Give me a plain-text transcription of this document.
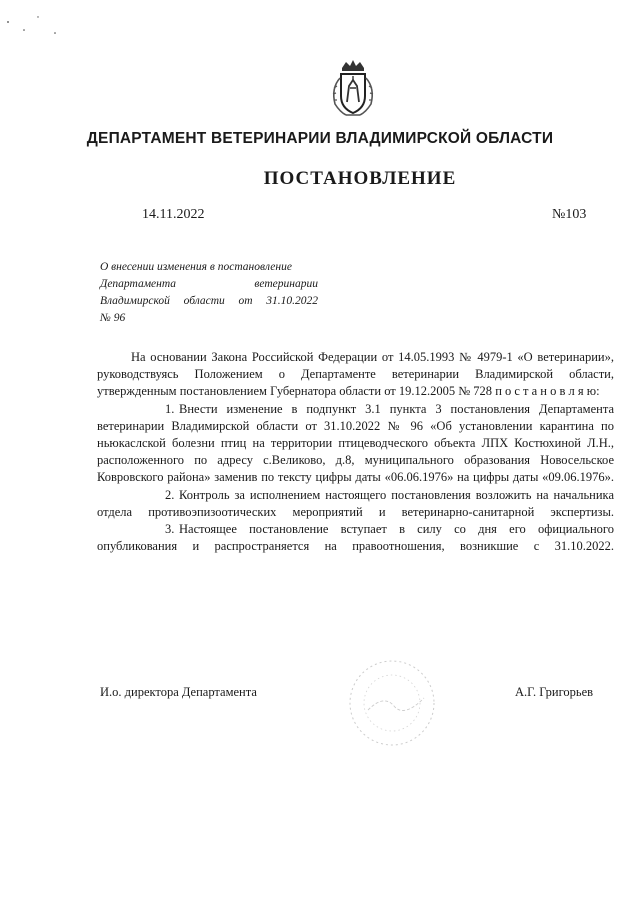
ДЕПАРТАМЕНТ ВЕТЕРИНАРИИ ВЛАДИМИРСКОЙ ОБЛАСТИ
ПОСТАНОВЛЕНИЕ
14.11.2022	№103

О внесении изменения в постановление

Департамента ветеринарии

Владимирской области от 31.10.2022

№ 96

На основании Закона Российской Федерации от 14.05.1993 № 4979-1 «О ветеринарии», руководствуясь Положением о Департаменте ветеринарии Владимирской области, утвержденным постановлением Губернатора области от 19.12.2005 № 728 п о с т а н о в л я ю:

1. Внести изменение в подпункт 3.1 пункта 3 постановления Департамента ветеринарии Владимирской области от 31.10.2022 № 96 «Об установлении карантина по ньюкаслской болезни птиц на территории птицеводческого объекта ЛПХ Костюхиной Л.Н., расположенного по адресу с.Великово, д.8, муниципального образования Новосельское Ковровского района» заменив по тексту цифры даты «06.06.1976» на цифры даты «09.06.1976».

2. Контроль за исполнением настоящего постановления возложить на начальника отдела противоэпизоотических мероприятий и ветеринарно-санитарной экспертизы.

3. Настоящее постановление вступает в силу со дня его официального опубликования и распространяется на правоотношения, возникшие с 31.10.2022.

И.о. директора Департамента	А.Г. Григорьев
